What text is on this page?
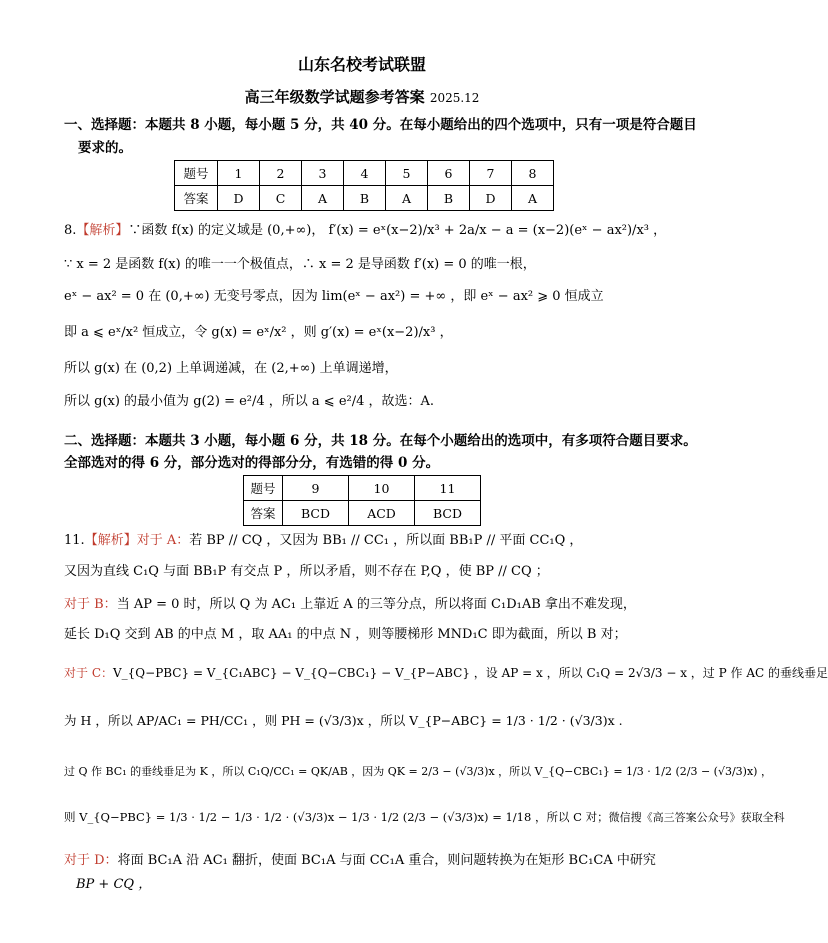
山东名校考试联盟
高三年级数学试题参考答案 2025.12
一、选择题：本题共 8 小题，每小题 5 分，共 40 分。在每小题给出的四个选项中，只有一项是符合题目
要求的。
题号	1	2	3	4	5	6	7	8
答案	D	C	A	B	A	B	D	A
8.【解析】∵函数 f(x) 的定义域是 (0,+∞)， f′(x) = eˣ(x−2)/x³ + 2a/x − a = (x−2)(eˣ − ax²)/x³ ，
∵ x = 2 是函数 f(x) 的唯一一个极值点，∴ x = 2 是导函数 f′(x) = 0 的唯一根，
eˣ − ax² = 0 在 (0,+∞) 无变号零点，因为 lim(eˣ − ax²) = +∞ ，即 eˣ − ax² ⩾ 0 恒成立
即 a ⩽ eˣ/x² 恒成立，令 g(x) = eˣ/x² ，则 g′(x) = eˣ(x−2)/x³ ，
所以 g(x) 在 (0,2) 上单调递减，在 (2,+∞) 上单调递增，
所以 g(x) 的最小值为 g(2) = e²/4 ，所以 a ⩽ e²/4 ，故选：A.
二、选择题：本题共 3 小题，每小题 6 分，共 18 分。在每个小题给出的选项中，有多项符合题目要求。
全部选对的得 6 分，部分选对的得部分分，有选错的得 0 分。
题号	9	10	11
答案	BCD	ACD	BCD
11.【解析】对于 A：若 BP // CQ ，又因为 BB₁ // CC₁ ，所以面 BB₁P // 平面 CC₁Q ，
又因为直线 C₁Q 与面 BB₁P 有交点 P ，所以矛盾，则不存在 P,Q ，使 BP // CQ ；
对于 B：当 AP = 0 时，所以 Q 为 AC₁ 上靠近 A 的三等分点，所以将面 C₁D₁AB 拿出不难发现，
延长 D₁Q 交到 AB 的中点 M ，取 AA₁ 的中点 N ，则等腰梯形 MND₁C 即为截面，所以 B 对；
对于 C：V_{Q−PBC} = V_{C₁ABC} − V_{Q−CBC₁} − V_{P−ABC} ，设 AP = x ，所以 C₁Q = 2√3/3 − x ，过 P 作 AC 的垂线垂足
为 H ，所以 AP/AC₁ = PH/CC₁ ，则 PH = (√3/3)x ，所以 V_{P−ABC} = 1/3 · 1/2 · (√3/3)x .
过 Q 作 BC₁ 的垂线垂足为 K ，所以 C₁Q/CC₁ = QK/AB ，因为 QK = 2/3 − (√3/3)x ，所以 V_{Q−CBC₁} = 1/3 · 1/2 (2/3 − (√3/3)x) ，
则 V_{Q−PBC} = 1/3 · 1/2 − 1/3 · 1/2 · (√3/3)x − 1/3 · 1/2 (2/3 − (√3/3)x) = 1/18 ，所以 C 对；微信搜《高三答案公众号》获取全科
对于 D：将面 BC₁A 沿 AC₁ 翻折，使面 BC₁A 与面 CC₁A 重合，则问题转换为在矩形 BC₁CA 中研究
BP + CQ ，
